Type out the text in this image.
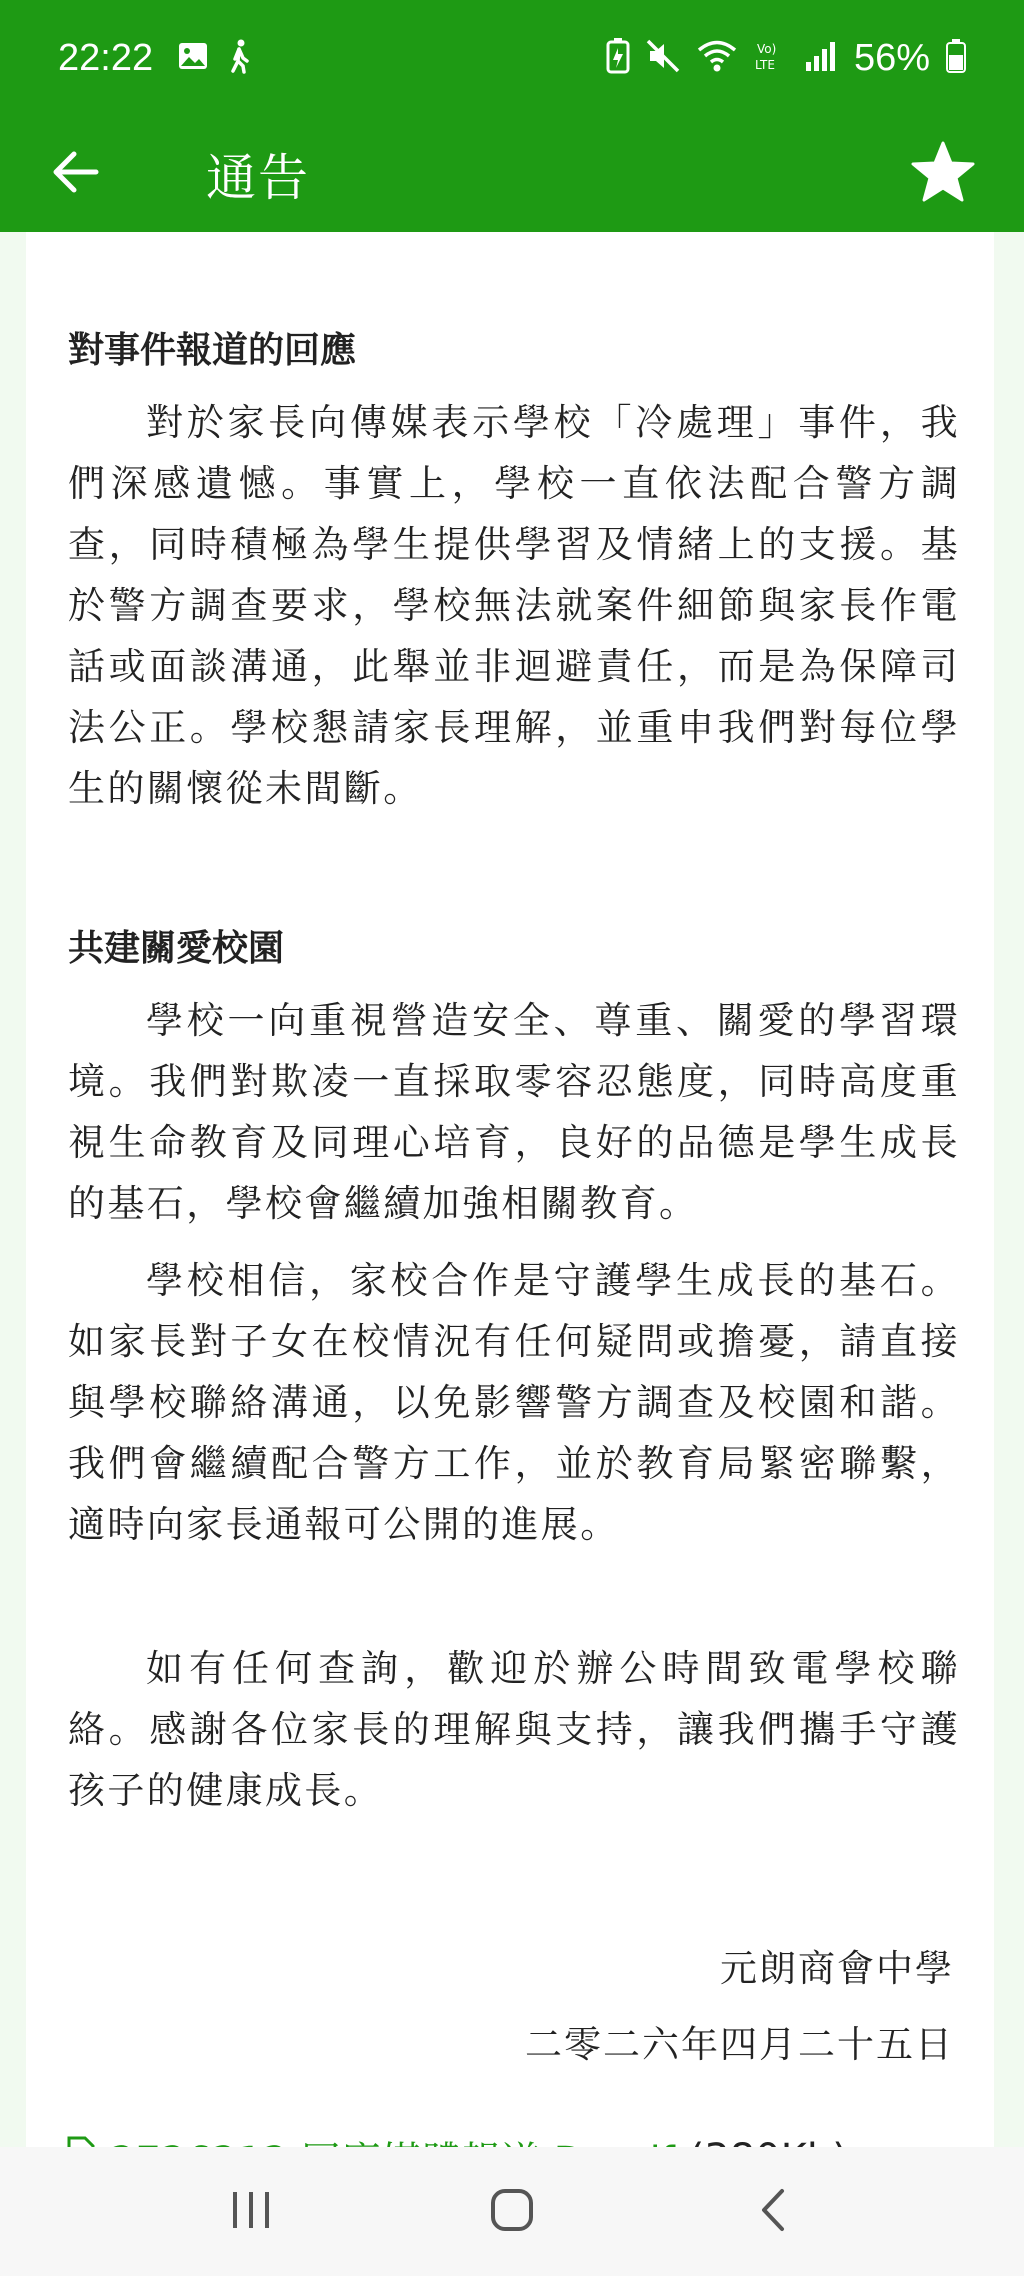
22:22	Vo)
LTE 56%
通告
對事件報道的回應
對於家長向傳媒表示學校「冷處理」事件，我們深感遺憾。事實上，學校一直依法配合警方調查，同時積極為學生提供學習及情緒上的支援。基於警方調查要求，學校無法就案件細節與家長作電話或面談溝通，此舉並非迴避責任，而是為保障司法公正。學校懇請家長理解，並重申我們對每位學生的關懷從未間斷。
共建關愛校園
學校一向重視營造安全、尊重、關愛的學習環境。我們對欺凌一直採取零容忍態度，同時高度重視生命教育及同理心培育，良好的品德是學生成長的基石，學校會繼續加強相關教育。
學校相信，家校合作是守護學生成長的基石。如家長對子女在校情況有任何疑問或擔憂，請直接與學校聯絡溝通，以免影響警方調查及校園和諧。我們會繼續配合警方工作，並於教育局緊密聯繫，適時向家長通報可公開的進展。
如有任何查詢，歡迎於辦公時間致電學校聯絡。感謝各位家長的理解與支持，讓我們攜手守護孩子的健康成長。
元朗商會中學
二零二六年四月二十五日
